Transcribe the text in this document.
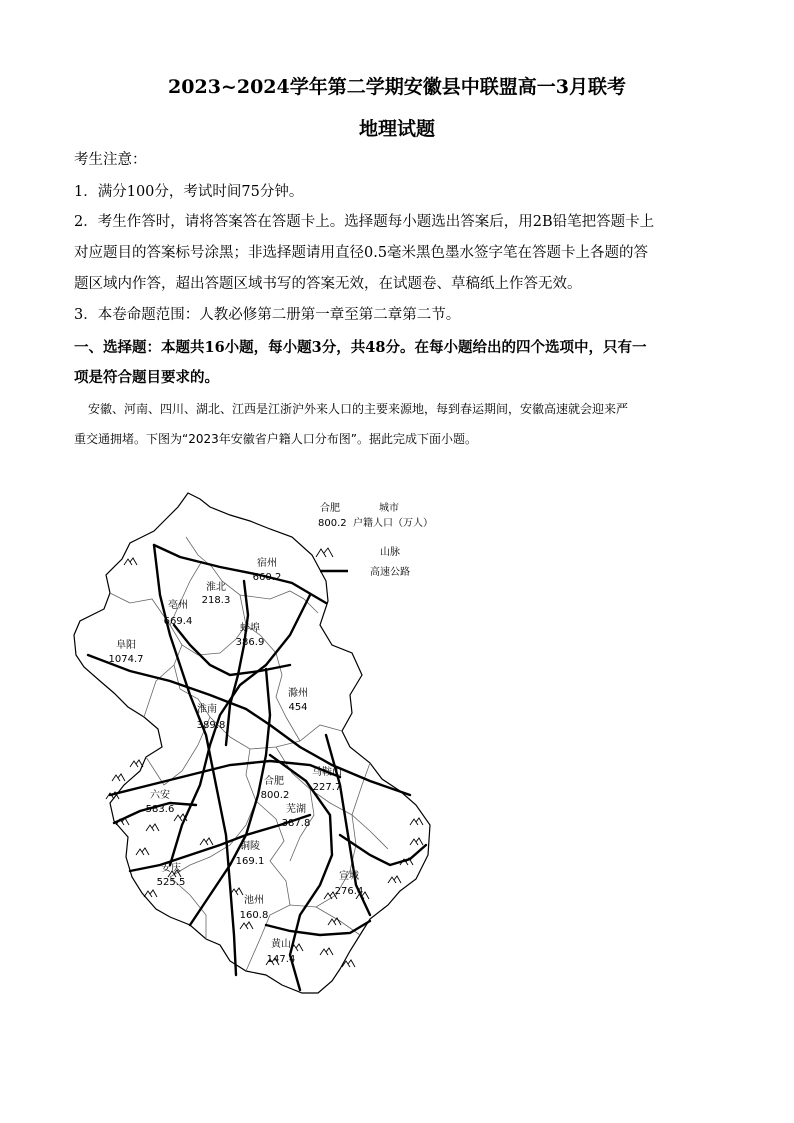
2023~2024学年第二学期安徽县中联盟高一3月联考
地理试题
考生注意：
1．满分100分，考试时间75分钟。
2．考生作答时，请将答案答在答题卡上。选择题每小题选出答案后，用2B铅笔把答题卡上
对应题目的答案标号涂黑；非选择题请用直径0.5毫米黑色墨水签字笔在答题卡上各题的答
题区域内作答，超出答题区域书写的答案无效，在试题卷、草稿纸上作答无效。
3．本卷命题范围：人教必修第二册第一章至第二章第二节。
一、选择题：本题共16小题，每小题3分，共48分。在每小题给出的四个选项中，只有一
项是符合题目要求的。
安徽、河南、四川、湖北、江西是江浙沪外来人口的主要来源地，每到春运期间，安徽高速就会迎来严
重交通拥堵。下图为“2023年安徽省户籍人口分布图”。据此完成下面小题。
合肥	城市
800.2 户籍人口（万人）
山脉
高速公路
宿州
660.2
淮北
218.3
亳州
669.4
蚌埠
386.9
阜阳
1074.7
滁州
454
淮南
389.8
马鞍山
227.7
合肥
800.2
六安
583.6	芜湖
387.8
铜陵
169.1
安庆
525.5
宣城
276.4
池州
160.8
黄山
147.4
